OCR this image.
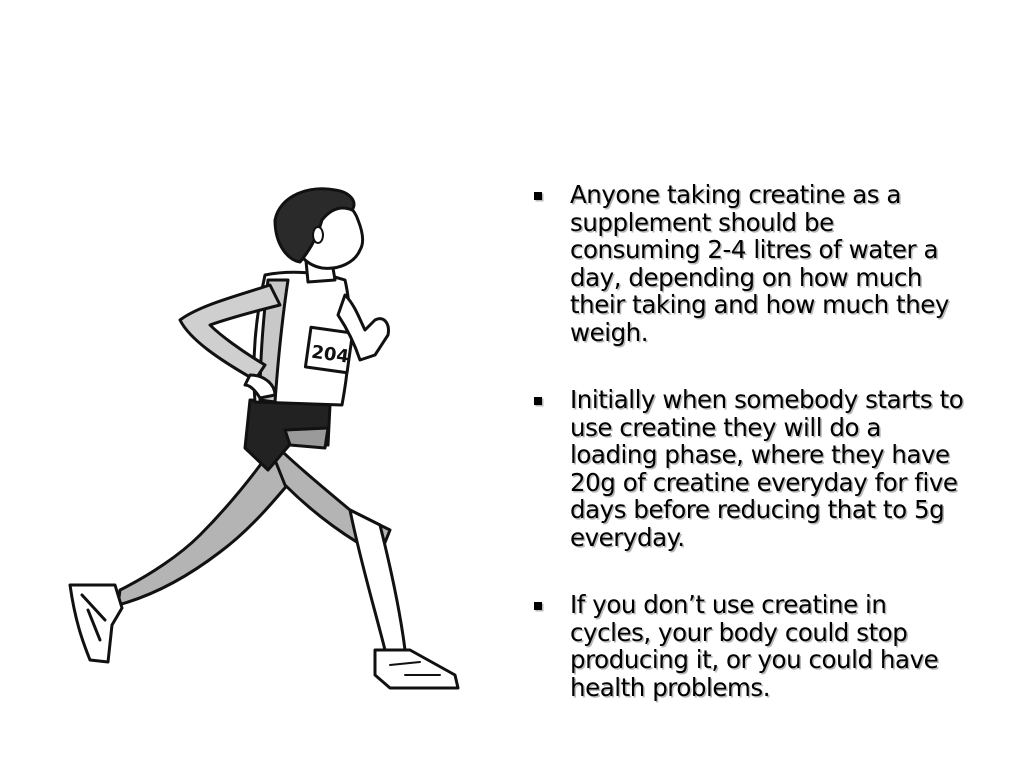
204
Anyone taking creatine as a supplement should be consuming 2-4 litres of water a day, depending on how much their taking and how much they weigh.
Initially when somebody starts to use creatine they will do a loading phase, where they have 20g of creatine everyday for five days before reducing that to 5g everyday.
If you don’t use creatine in cycles, your body could stop producing it, or you could have health problems.
